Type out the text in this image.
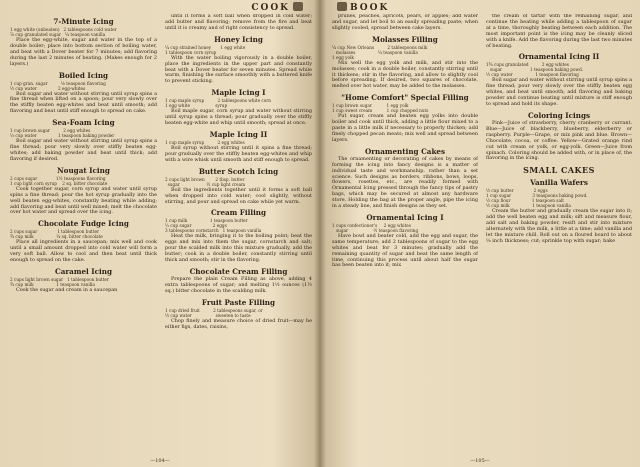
COOK
7-Minute Icing
1 egg white (unbeaten)   2 tablespoons cold water
⅞ cup granulated sugar   ¼ teaspoon vanilla

Place the egg-white, sugar and water in the top of a double boiler; place into bottom section of boiling water, and beat with a Dover beater for 7 minutes; add flavoring during the last 2 minutes of beating. (Makes enough for 2 layers.)

Boiled Icing
1 cup gran. sugar          ⅛ teaspoon flavoring
½ cup water                2 egg-whites

Boil sugar and water without stirring until syrup spins a fine thread when lifted on a spoon; pour very slowly over the stiffly beaten egg-whites and beat until smooth; add flavoring and beat until stiff enough to spread on cake.

Sea-Foam Icing
1 cup brown sugar          2 egg whites
⅓ cup water                1 teaspoon baking powder

Boil sugar and water without stirring until syrup spins a fine thread; pour very slowly over stiffly beaten egg-whites; add baking powder and beat until thick; add flavoring if desired.

Nougat Icing
2 cups sugar              1½ teaspoons flavoring
1 cup light corn syrup    2 sq. bitter chocolate

Cook together sugar, corn syrup and water until syrup spins a fine thread; pour the hot syrup gradually into the well beaten egg-whites, constantly beating while adding; add flavoring and beat until well mixed; melt the chocolate over hot water and spread over the icing.

Chocolate Fudge Icing
2 cups sugar               1 tablespoon butter
¾ cup milk                 ¼ sq. bitter chocolate

Place all ingredients in a saucepan; mix well and cook until a small amount dropped into cold water will form a very soft ball. Allow to cool and then beat until thick enough to spread on the cake.

Caramel Icing
2 cups light brown sugar   1 tablespoon butter
¾ cup milk                 1 teaspoon vanilla

Cook the sugar and cream in a saucepan

until it forms a soft ball when dropped in cold water; add butter and flavoring; remove from the fire and beat until it is creamy and of right consistency to spread.

Honey Icing
¼ cup strained honey       1 egg white
1 tablespoon corn syrup

With the water boiling vigorously in a double boiler, place the ingredients in the upper part and constantly beat with a Dover beater for seven minutes. Spread while warm, finishing the surface smoothly with a buttered knife to prevent sticking.

Maple Icing I
1 cup maple syrup          2 tablespoons white corn
1 egg white                   syrup

Boil maple sugar, corn syrup and water without stirring until syrup spins a thread; pour gradually over the stiffly beaten egg-white and whip until smooth; spread at once.

Maple Icing II
1 cup maple syrup          2 egg whites

Boil syrup without stirring until it spins a fine thread; pour gradually over the stiffly beaten egg-whites and whip with a wire whisk until smooth and stiff enough to spread.

Butter Scotch Icing
2 cups light brown        2 tbsp. butter
sugar                    ½ cup light cream

Boil the ingredients together until it forms a soft ball when dropped into cold water; cool slightly, without stirring, and pour and spread on cake while yet warm.

Cream Filling
1 cup milk                 1 teaspoon butter
⅓ cup sugar                2 eggs
3 tablespoons cornstarch   1 teaspoon vanilla

Heat the milk, bringing it to the boiling point; beat the eggs and mix into them the sugar, cornstarch and salt; pour the scalded milk into this mixture gradually, add the butter; cook in a double boiler, constantly stirring until thick and smooth; stir in the flavoring.

Chocolate Cream Filling

Prepare the plain Cream Filling as above, adding 4 extra tablespoons of sugar; and melting 1½ ounces (1½ sq.) bitter chocolate in the scalding milk.

Fruit Paste Filling
1 cup dried fruit          2 tablespoons sugar, or
½ cup water                  sweeten to taste

Chop finely and measure choice of dried fruit—may be either figs, dates, raisins,

—104—
BOOK

prunes, peaches, apricots, pears, or apples; add water and sugar, and let boil to an easily spreading paste; when slightly cooled, spread between cake layers.

Molasses Filling
¼ cup New Orleans          2 tablespoons milk
molasses                 ¼ teaspoon vanilla
1 egg yolk

Mix well the egg yolk and milk, and stir into the molasses; cook in a double boiler, constantly stirring until it thickens; stir in the flavoring, and allow to slightly cool before spreading. If desired, two squares of chocolate, melted over hot water, may be added to the molasses.

"Home Comfort" Special Filling
1 cup brown sugar           1 egg yolk
1 cup sweet cream           1 cup chopped nuts

Put sugar, cream and beaten egg yolks into double boiler and cook until thick, adding a little flour mixed to a paste in a little milk if necessary to properly thicken; add finely chopped pecan meats; mix well and spread between layers.

Ornamenting Cakes

The ornamenting or decorating of cakes by means of forming the icing into fancy designs is a matter of individual taste and workmanship, rather than a set science. Such designs as borders, ribbons, bows, loops, flowers, rosettes, etc., are readily formed with Ornamental Icing pressed through the fancy tips of pastry bags, which may be secured at almost any hardware store. Holding the bag at the proper angle, pipe the icing in a steady line, and finish designs as they set.

Ornamental Icing I
1 cups confectioner's     2 egg whites
sugar                   ½ teaspoon flavoring

Have bowl and beater cold, add the egg and sugar, the same temperature; add 2 tablespoons of sugar to the egg whites and beat for 3 minutes; gradually add the remaining quantity of sugar and beat the same length of time, continuing this process until about half the sugar has been beaten into it; mix

the cream of tartar with the remaining sugar, and continue the beating while adding a tablespoon of sugar at a time, thoroughly beating between each addition. The most important point is the icing may be cleanly sliced with a knife. Add the flavoring during the last two minutes of beating.

Ornamental Icing II
1¾ cups granulated          2 egg whites
sugar                     1 teaspoon baking powd.
½ cup water                 1 teaspoon flavoring

Boil sugar and water without stirring until syrup spins a fine thread; pour very slowly over the stiffly beaten egg whites, and beat until smooth; add flavoring and baking powder and continue beating until mixture is stiff enough to spread and hold its shape.

Coloring Icings

Pink—Juice of strawberry, cherry cranberry or currant. Blue—Juice of blackberry, blueberry, elderberry or raspberry. Purple—Grape, or mix pink and blue. Brown—Chocolate, cocoa, or coffee. Yellow—Grated orange rind cut with cream or yolk, or egg-yolk. Green—Juice from spinach. Coloring should be added with, or in place of, the flavoring in the icing.

SMALL CAKES
Vanilla Wafers
½ cup butter               2 eggs
1 cup sugar                3 teaspoons baking powd.
½ cup flour                1 teaspoon salt
½ cup milk                 1 teaspoon vanilla

Cream the butter and gradually cream the sugar into it; add the well beaten egg and milk; sift and measure flour, add salt and baking powder, resift and stir into mixture alternately with the milk, a little at a time; add vanilla and let the mixture chill. Roll out on a floured board to about ⅛ inch thickness; cut; sprinkle top with sugar; bake

—105—
